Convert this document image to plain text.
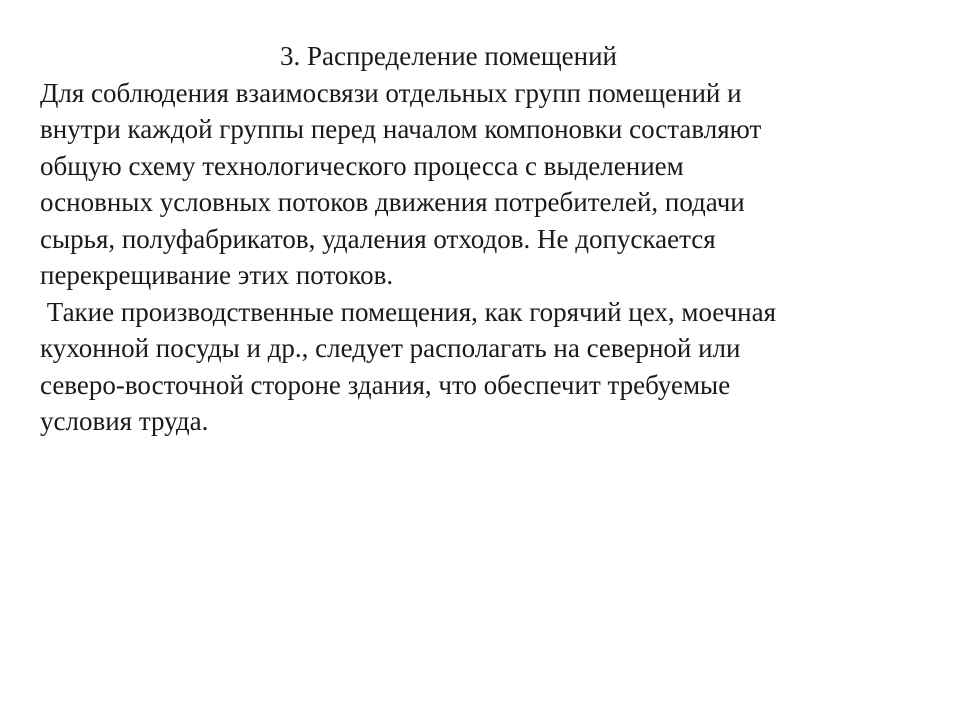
3. Распределение помещений
Для соблюдения взаимосвязи отдельных групп помещений и
внутри каждой группы перед началом компоновки составляют
общую схему технологического процесса с выделением
основных условных потоков движения потребителей, подачи
сырья, полуфабрикатов, удаления отходов. Не допускается
перекрещивание этих потоков.
Такие производственные помещения, как горячий цех, моечная
кухонной посуды и др., следует располагать на северной или
северо-восточной стороне здания, что обеспечит требуемые
условия труда.
